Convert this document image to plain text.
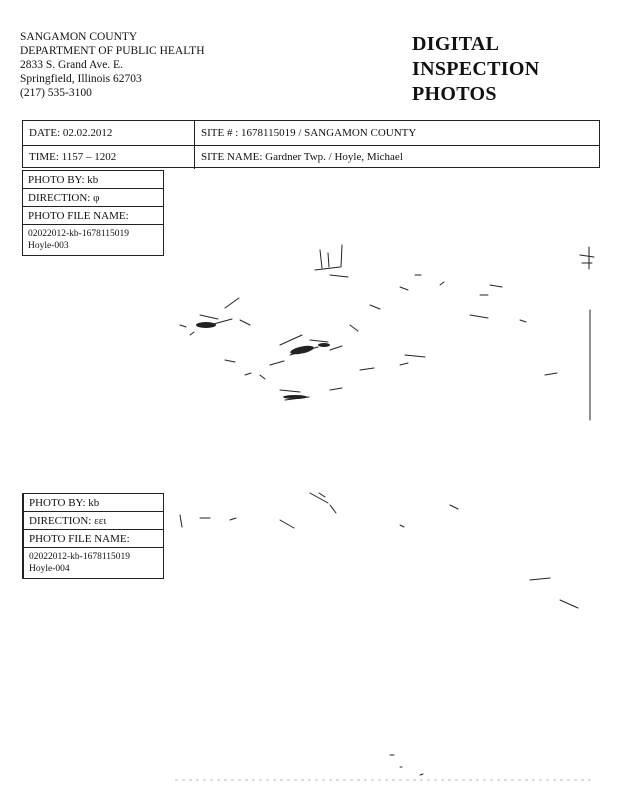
SANGAMON COUNTY
DEPARTMENT OF PUBLIC HEALTH
2833 S. Grand Ave. E.
Springfield, Illinois 62703
(217) 535-3100
DIGITAL
INSPECTION
PHOTOS
DATE: 02.02.2012	SITE # : 1678115019 / SANGAMON COUNTY
TIME: 1157 – 1202	SITE NAME: Gardner Twp. / Hoyle, Michael
PHOTO BY: kb
DIRECTION: φ
PHOTO FILE NAME:
02022012-kb-1678115019
Hoyle-003
PHOTO BY: kb
DIRECTION: εει
PHOTO FILE NAME:
02022012-kb-1678115019
Hoyle-004
